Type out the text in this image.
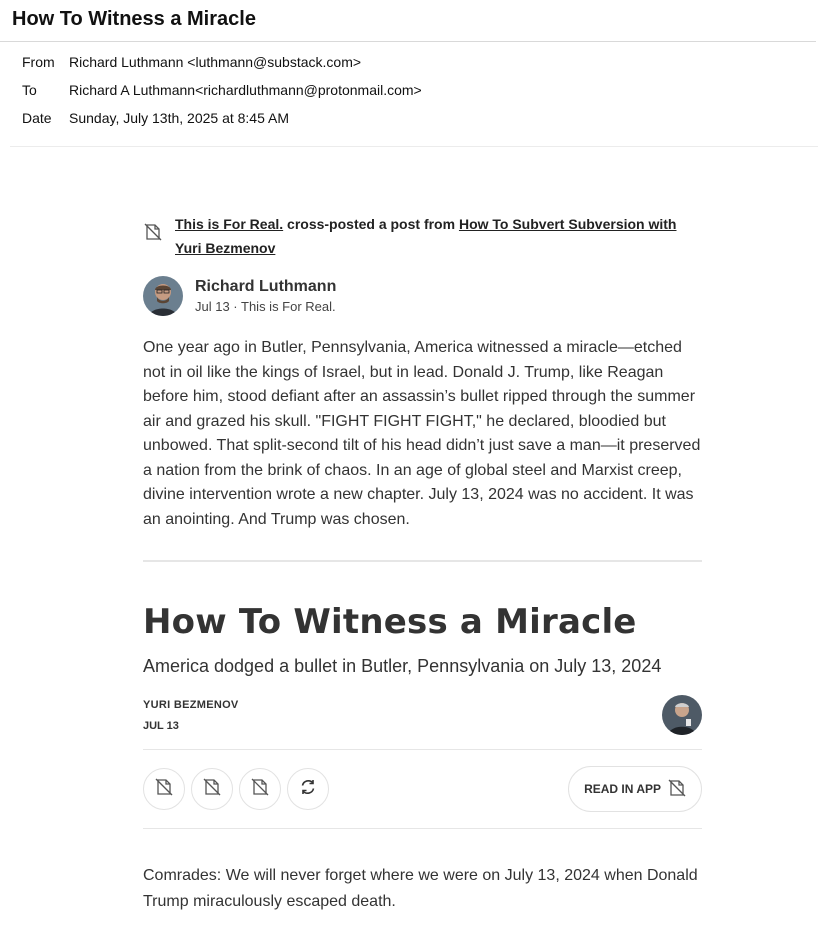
How To Witness a Miracle
From	Richard Luthmann <luthmann@substack.com>
To	Richard A Luthmann<richardluthmann@protonmail.com>
Date	Sunday, July 13th, 2025 at 8:45 AM
This is For Real. cross-posted a post from How To Subvert Subversion with Yuri Bezmenov
Richard Luthmann
Jul 13 · This is For Real.
One year ago in Butler, Pennsylvania, America witnessed a miracle—etched not in oil like the kings of Israel, but in lead. Donald J. Trump, like Reagan before him, stood defiant after an assassin’s bullet ripped through the summer air and grazed his skull. "FIGHT FIGHT FIGHT," he declared, bloodied but unbowed. That split-second tilt of his head didn’t just save a man—it preserved a nation from the brink of chaos. In an age of global steel and Marxist creep, divine intervention wrote a new chapter. July 13, 2024 was no accident. It was an anointing. And Trump was chosen.
How To Witness a Miracle
America dodged a bullet in Butler, Pennsylvania on July 13, 2024
YURI BEZMENOV
JUL 13
READ IN APP
Comrades: We will never forget where we were on July 13, 2024 when Donald Trump miraculously escaped death.
